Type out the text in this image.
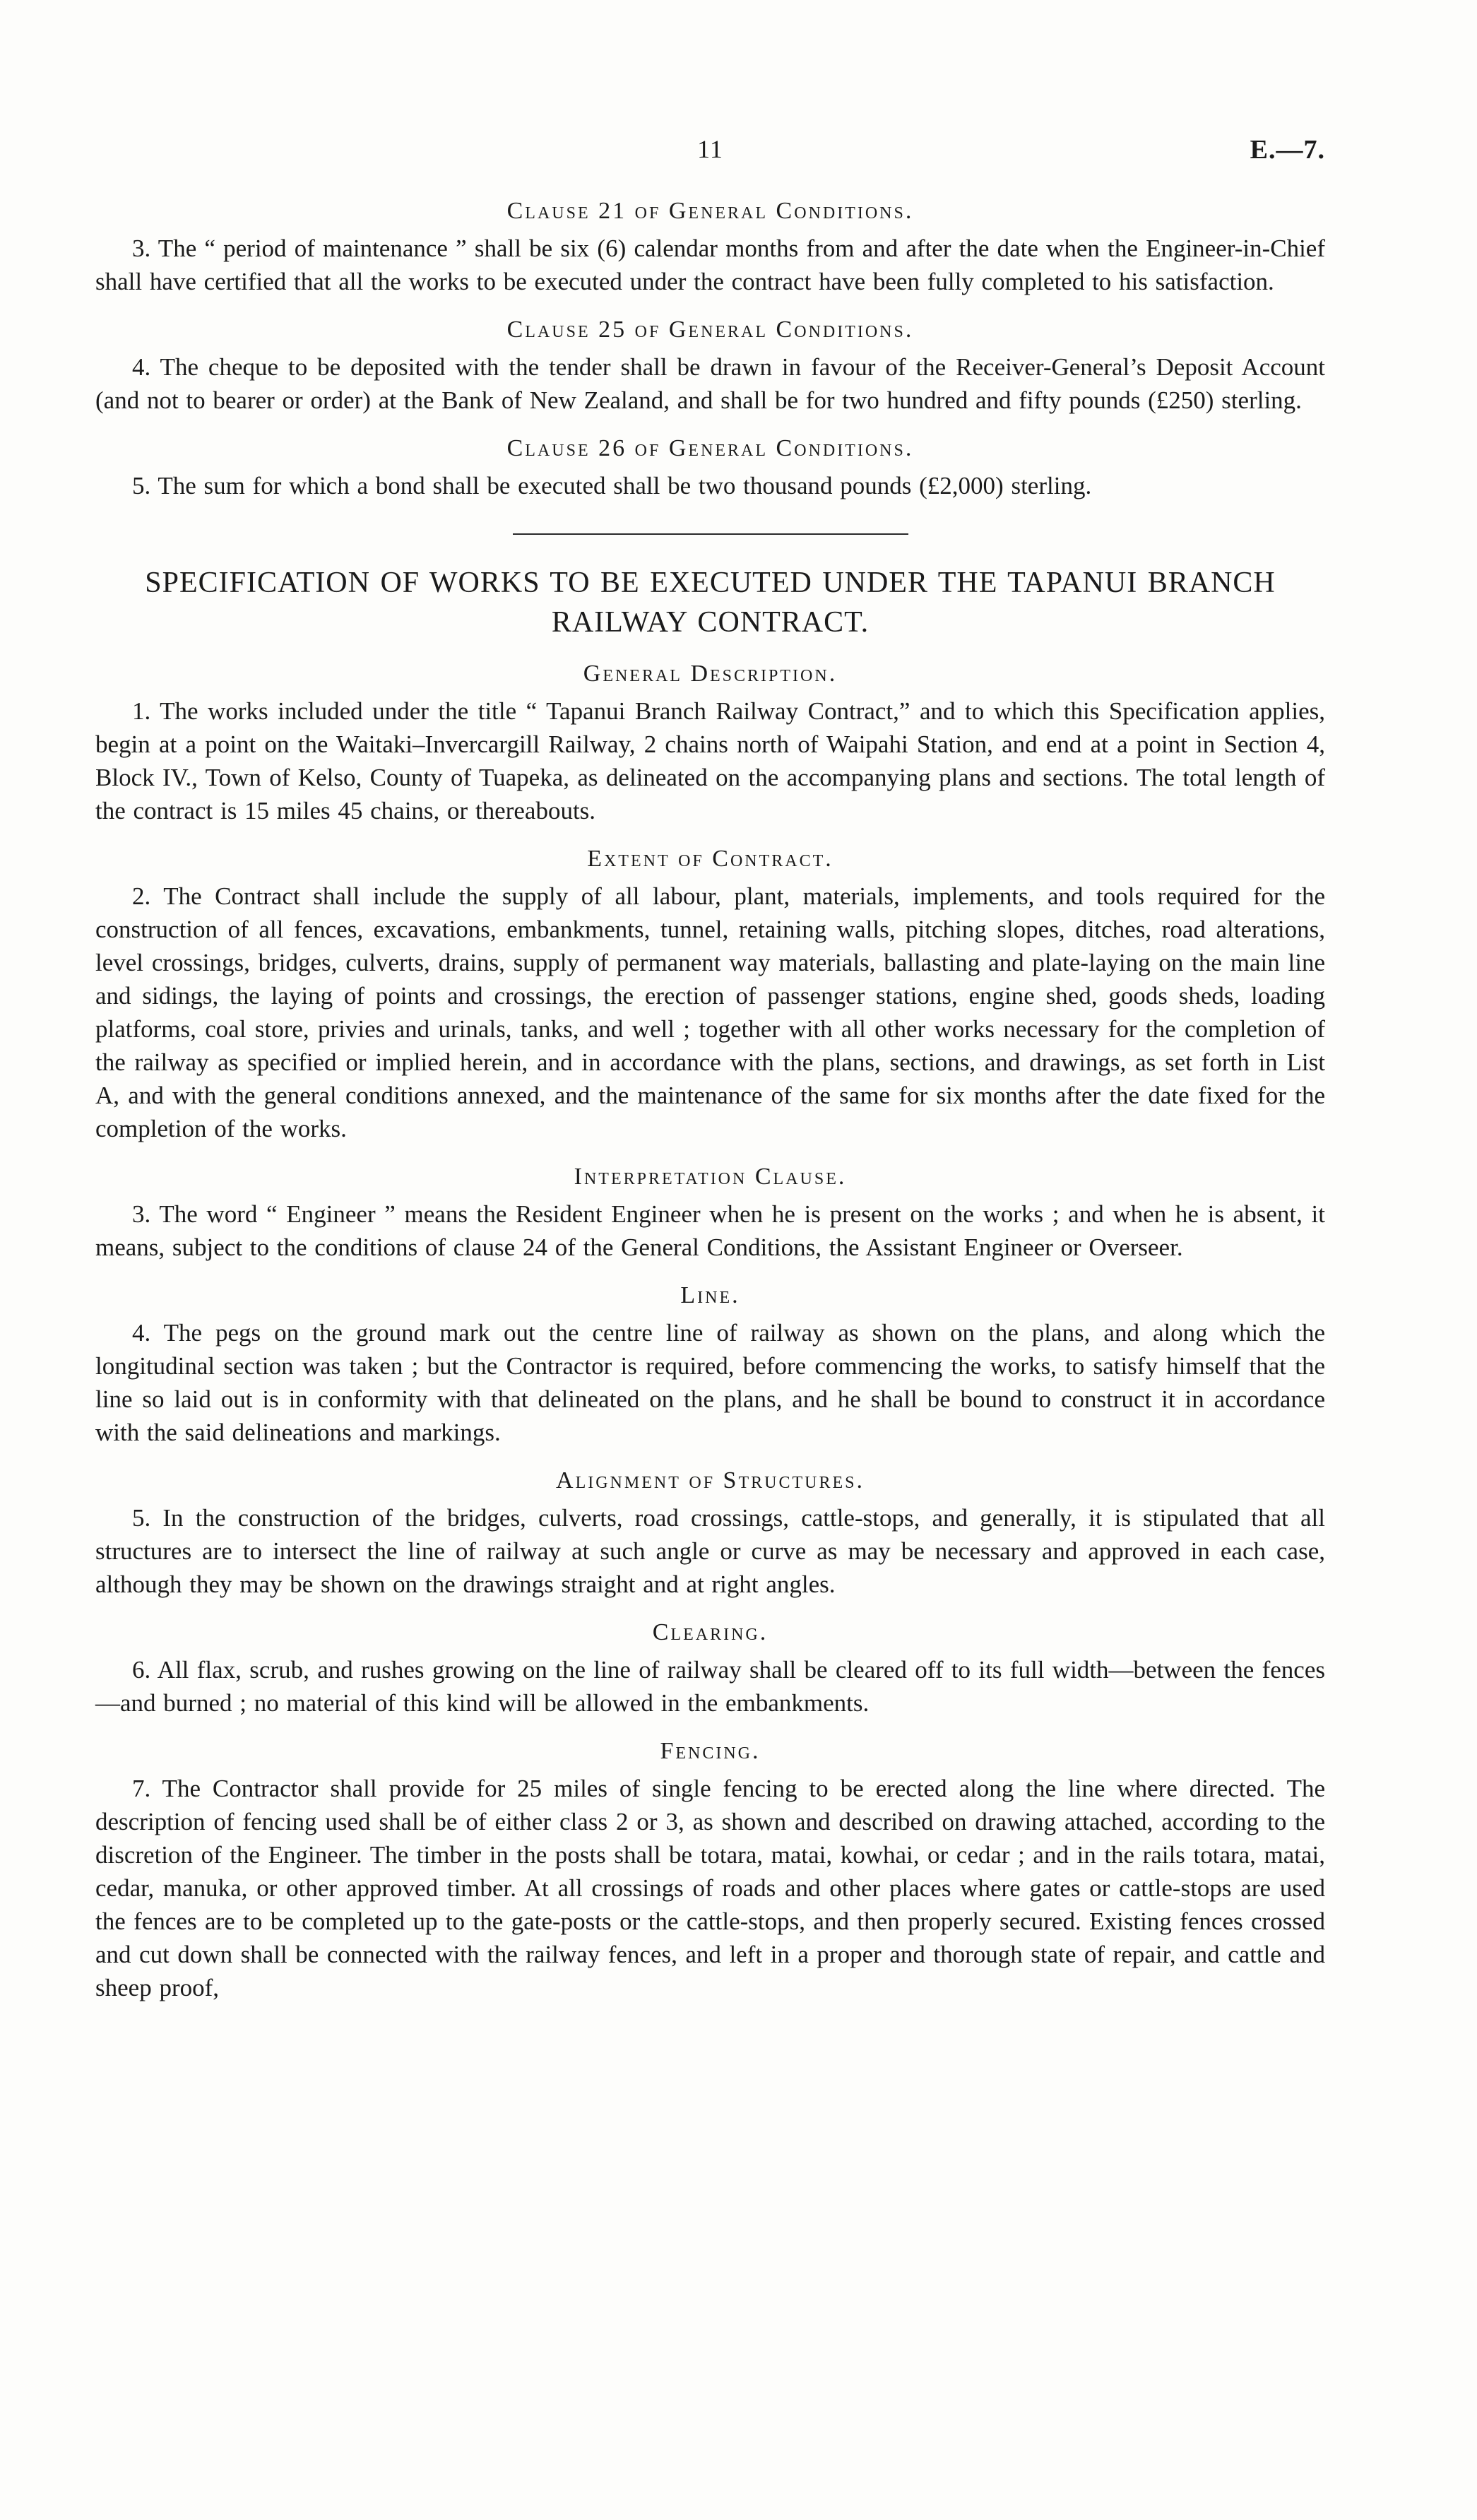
11	E.—7.
Clause 21 of General Conditions.

3. The “ period of maintenance ” shall be six (6) calendar months from and after the date when the Engineer-in-Chief shall have certified that all the works to be executed under the contract have been fully completed to his satisfaction.

Clause 25 of General Conditions.

4. The cheque to be deposited with the tender shall be drawn in favour of the Receiver-General’s Deposit Account (and not to bearer or order) at the Bank of New Zealand, and shall be for two hundred and fifty pounds (£250) sterling.

Clause 26 of General Conditions.

5. The sum for which a bond shall be executed shall be two thousand pounds (£2,000) sterling.

SPECIFICATION OF WORKS TO BE EXECUTED UNDER THE TAPANUI BRANCH RAILWAY CONTRACT.
General Description.

1. The works included under the title “ Tapanui Branch Railway Contract,” and to which this Specification applies, begin at a point on the Waitaki–Invercargill Railway, 2 chains north of Waipahi Station, and end at a point in Section 4, Block IV., Town of Kelso, County of Tuapeka, as delineated on the accompanying plans and sections. The total length of the contract is 15 miles 45 chains, or thereabouts.

Extent of Contract.

2. The Contract shall include the supply of all labour, plant, materials, implements, and tools required for the construction of all fences, excavations, embankments, tunnel, retaining walls, pitching slopes, ditches, road alterations, level crossings, bridges, culverts, drains, supply of permanent way materials, ballasting and plate-laying on the main line and sidings, the laying of points and crossings, the erection of passenger stations, engine shed, goods sheds, loading platforms, coal store, privies and urinals, tanks, and well ; together with all other works necessary for the completion of the railway as specified or implied herein, and in accordance with the plans, sections, and drawings, as set forth in List A, and with the general conditions annexed, and the maintenance of the same for six months after the date fixed for the completion of the works.

Interpretation Clause.

3. The word “ Engineer ” means the Resident Engineer when he is present on the works ; and when he is absent, it means, subject to the conditions of clause 24 of the General Conditions, the Assistant Engineer or Overseer.

Line.

4. The pegs on the ground mark out the centre line of railway as shown on the plans, and along which the longitudinal section was taken ; but the Contractor is required, before commencing the works, to satisfy himself that the line so laid out is in conformity with that delineated on the plans, and he shall be bound to construct it in accordance with the said delineations and markings.

Alignment of Structures.

5. In the construction of the bridges, culverts, road crossings, cattle-stops, and generally, it is stipulated that all structures are to intersect the line of railway at such angle or curve as may be necessary and approved in each case, although they may be shown on the drawings straight and at right angles.

Clearing.

6. All flax, scrub, and rushes growing on the line of railway shall be cleared off to its full width—between the fences—and burned ; no material of this kind will be allowed in the embankments.

Fencing.

7. The Contractor shall provide for 25 miles of single fencing to be erected along the line where directed. The description of fencing used shall be of either class 2 or 3, as shown and described on drawing attached, according to the discretion of the Engineer. The timber in the posts shall be totara, matai, kowhai, or cedar ; and in the rails totara, matai, cedar, manuka, or other approved timber. At all crossings of roads and other places where gates or cattle-stops are used the fences are to be completed up to the gate-posts or the cattle-stops, and then properly secured. Existing fences crossed and cut down shall be connected with the railway fences, and left in a proper and thorough state of repair, and cattle and sheep proof,
